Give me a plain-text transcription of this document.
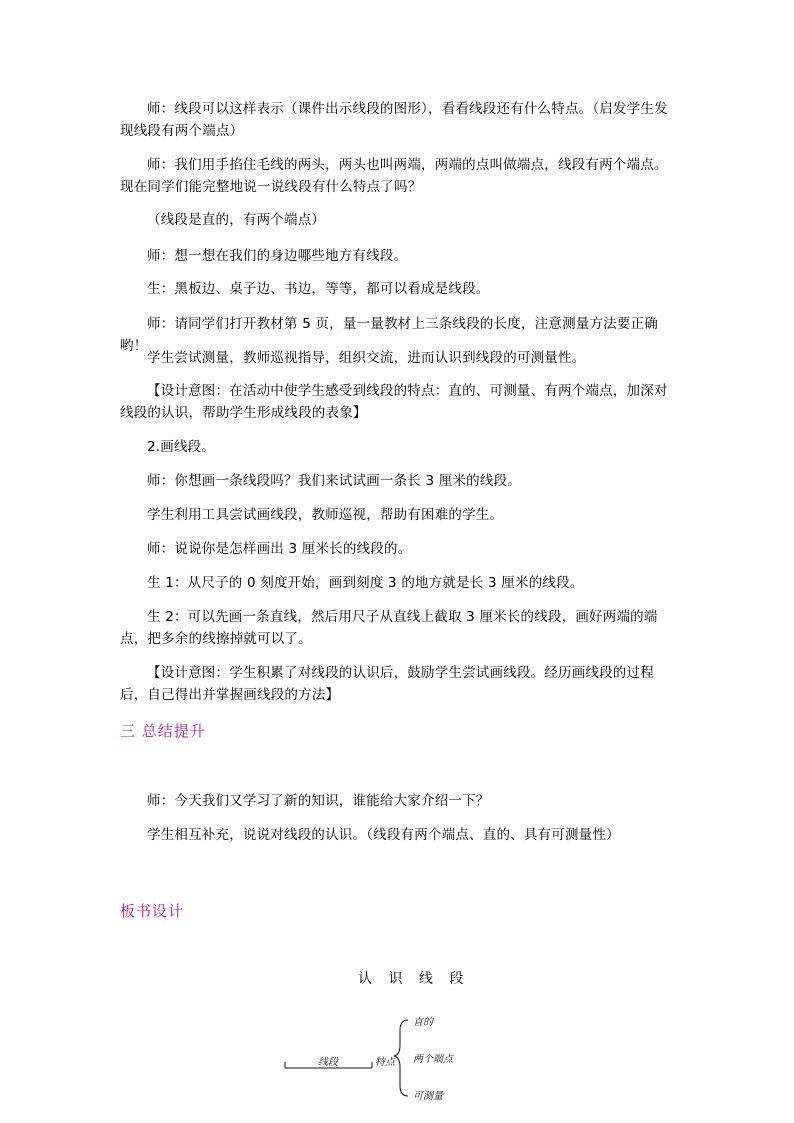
师：线段可以这样表示（课件出示线段的图形），看看线段还有什么特点。（启发学生发现线段有两个端点）

师：我们用手掐住毛线的两头，两头也叫两端，两端的点叫做端点，线段有两个端点。现在同学们能完整地说一说线段有什么特点了吗？

（线段是直的，有两个端点）

师：想一想在我们的身边哪些地方有线段。

生：黑板边、桌子边、书边，等等，都可以看成是线段。

师：请同学们打开教材第 5 页，量一量教材上三条线段的长度，注意测量方法要正确哟！

学生尝试测量，教师巡视指导，组织交流，进而认识到线段的可测量性。

【设计意图：在活动中使学生感受到线段的特点：直的、可测量、有两个端点，加深对线段的认识，帮助学生形成线段的表象】

2.画线段。

师：你想画一条线段吗？我们来试试画一条长 3 厘米的线段。

学生利用工具尝试画线段，教师巡视，帮助有困难的学生。

师：说说你是怎样画出 3 厘米长的线段的。

生 1：从尺子的 0 刻度开始，画到刻度 3 的地方就是长 3 厘米的线段。

生 2：可以先画一条直线，然后用尺子从直线上截取 3 厘米长的线段，画好两端的端点，把多余的线擦掉就可以了。

【设计意图：学生积累了对线段的认识后，鼓励学生尝试画线段。经历画线段的过程后，自己得出并掌握画线段的方法】

三 总结提升

师：今天我们又学习了新的知识，谁能给大家介绍一下？

学生相互补充，说说对线段的认识。（线段有两个端点、直的、具有可测量性）

板书设计
认 识 线 段
线段	特点
直的
两个端点
可测量
